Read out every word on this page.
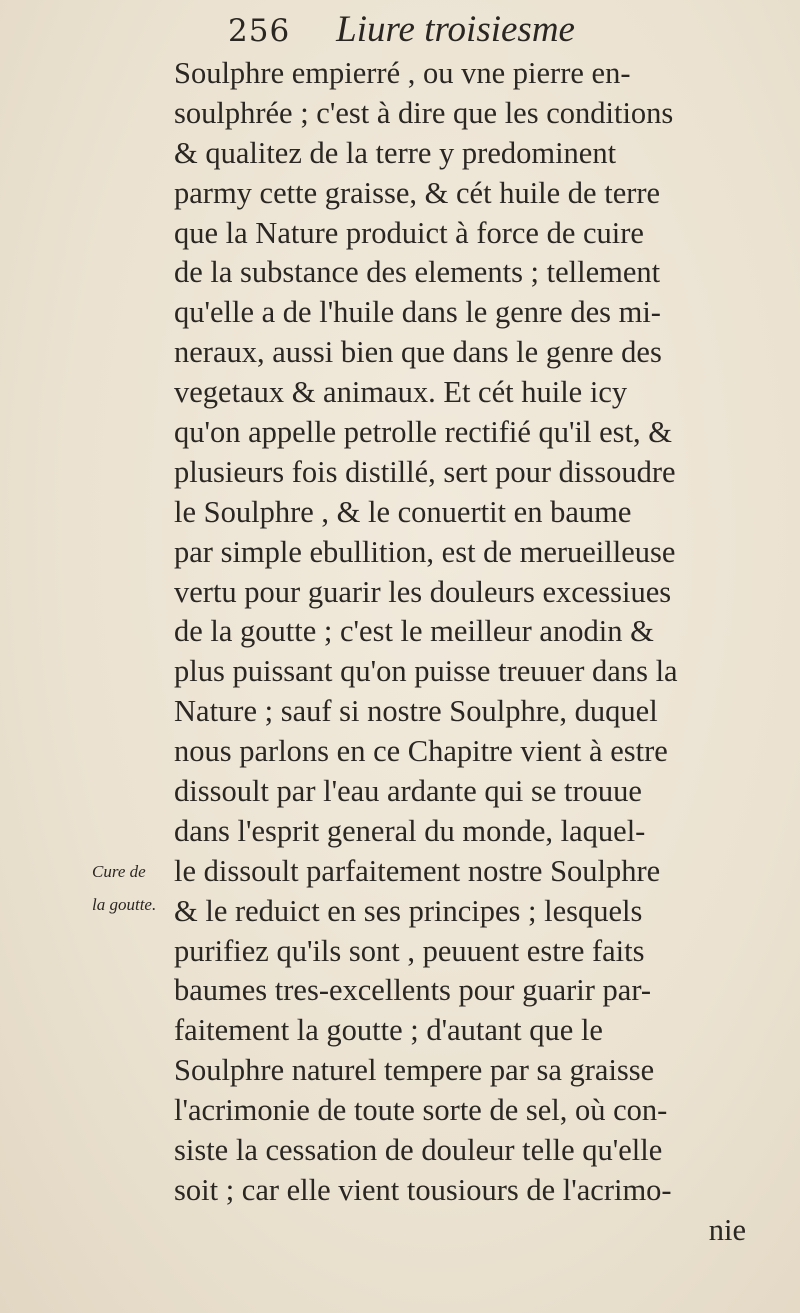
256 Liure troisiesme
Cure de
la goutte.
Soulphre empierré , ou vne pierre en-
soulphrée ; c'est à dire que les conditions
& qualitez de la terre y predominent
parmy cette graisse, & cét huile de terre
que la Nature produict à force de cuire
de la substance des elements ; tellement
qu'elle a de l'huile dans le genre des mi-
neraux, aussi bien que dans le genre des
vegetaux & animaux. Et cét huile icy
qu'on appelle petrolle rectifié qu'il est, &
plusieurs fois distillé, sert pour dissoudre
le Soulphre , & le conuertit en baume
par simple ebullition, est de merueilleuse
vertu pour guarir les douleurs excessiues
de la goutte ; c'est le meilleur anodin &
plus puissant qu'on puisse treuuer dans la
Nature ; sauf si nostre Soulphre, duquel
nous parlons en ce Chapitre vient à estre
dissoult par l'eau ardante qui se trouue
dans l'esprit general du monde, laquel-
le dissoult parfaitement nostre Soulphre
& le reduict en ses principes ; lesquels
purifiez qu'ils sont , peuuent estre faits
baumes tres-excellents pour guarir par-
faitement la goutte ; d'autant que le
Soulphre naturel tempere par sa graisse
l'acrimonie de toute sorte de sel, où con-
siste la cessation de douleur telle qu'elle
soit ; car elle vient tousiours de l'acrimo-
nie
